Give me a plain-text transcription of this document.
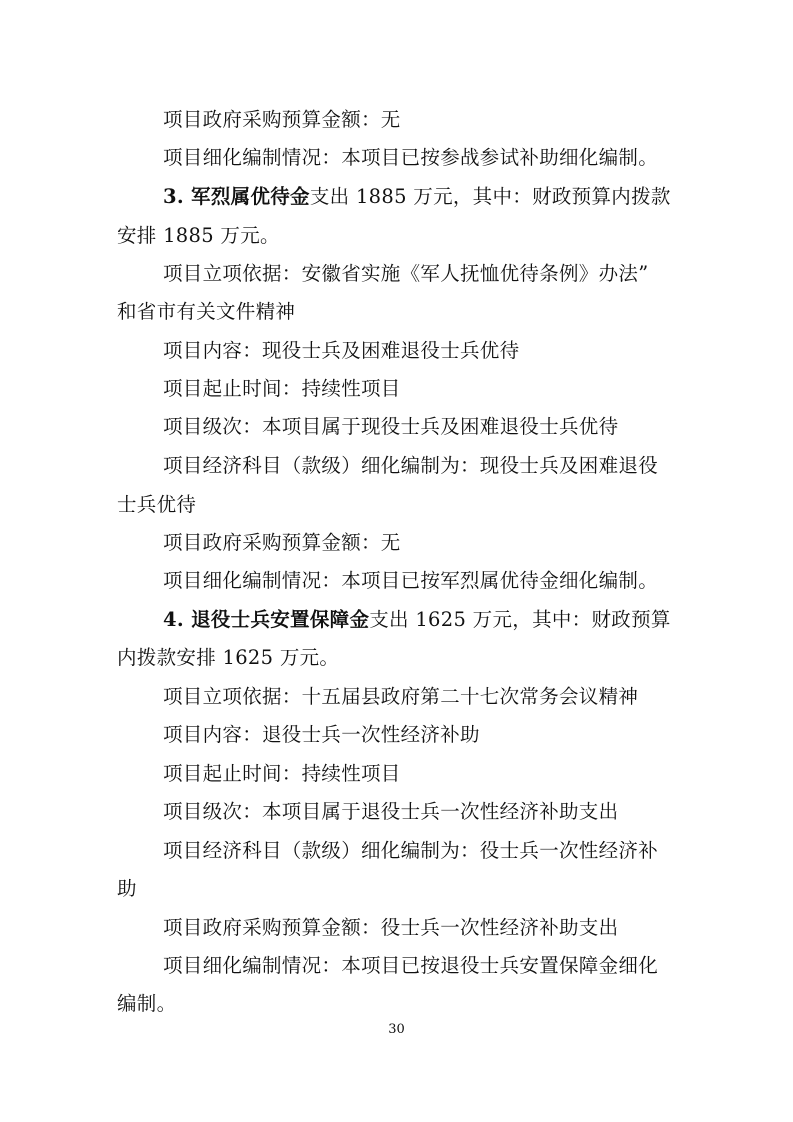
项目政府采购预算金额：无
项目细化编制情况：本项目已按参战参试补助细化编制。
3. 军烈属优待金支出 1885 万元，其中：财政预算内拨款
安排 1885 万元。
项目立项依据：安徽省实施《军人抚恤优待条例》办法”
和省市有关文件精神
项目内容：现役士兵及困难退役士兵优待
项目起止时间：持续性项目
项目级次：本项目属于现役士兵及困难退役士兵优待
项目经济科目（款级）细化编制为：现役士兵及困难退役
士兵优待
项目政府采购预算金额：无
项目细化编制情况：本项目已按军烈属优待金细化编制。
4. 退役士兵安置保障金支出 1625 万元，其中：财政预算
内拨款安排 1625 万元。
项目立项依据：十五届县政府第二十七次常务会议精神
项目内容：退役士兵一次性经济补助
项目起止时间：持续性项目
项目级次：本项目属于退役士兵一次性经济补助支出
项目经济科目（款级）细化编制为：役士兵一次性经济补
助
项目政府采购预算金额：役士兵一次性经济补助支出
项目细化编制情况：本项目已按退役士兵安置保障金细化
编制。
30
